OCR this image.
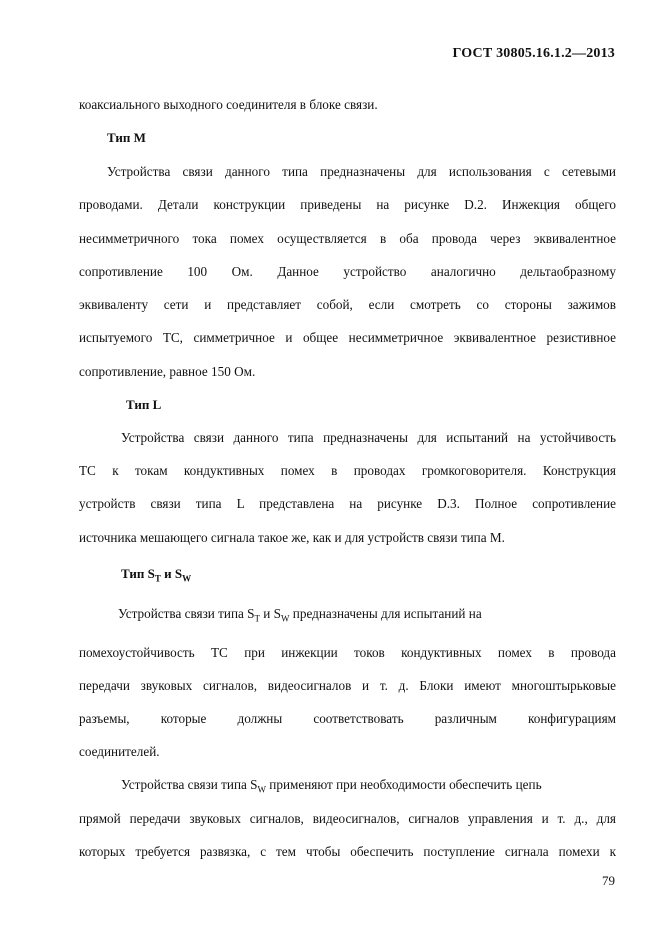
ГОСТ 30805.16.1.2—2013
коаксиального выходного соединителя в блоке связи.
Тип М
Устройства связи данного типа предназначены для использования с сетевыми
проводами. Детали конструкции приведены на рисунке D.2. Инжекция общего
несимметричного тока помех осуществляется в оба провода через эквивалентное
сопротивление 100 Ом. Данное устройство аналогично дельтаобразному
эквиваленту сети и представляет собой, если смотреть со стороны зажимов
испытуемого ТС, симметричное и общее несимметричное эквивалентное резистивное
сопротивление, равное 150 Ом.
Тип L
Устройства связи данного типа предназначены для испытаний на устойчивость
ТС к токам кондуктивных помех в проводах громкоговорителя. Конструкция
устройств связи типа L представлена на рисунке D.3. Полное сопротивление
источника мешающего сигнала такое же, как и для устройств связи типа М.
Тип $S_T$ и $S_W$
Устройства связи типа $S_T$ и $S_W$ предназначены для испытаний на
помехоустойчивость ТС при инжекции токов кондуктивных помех в провода
передачи звуковых сигналов, видеосигналов и т. д. Блоки имеют многоштырьковые
разъемы, которые должны соответствовать различным конфигурациям
соединителей.
Устройства связи типа $S_W$ применяют при необходимости обеспечить цепь
прямой передачи звуковых сигналов, видеосигналов, сигналов управления и т. д., для
которых требуется развязка, с тем чтобы обеспечить поступление сигнала помехи к
79
